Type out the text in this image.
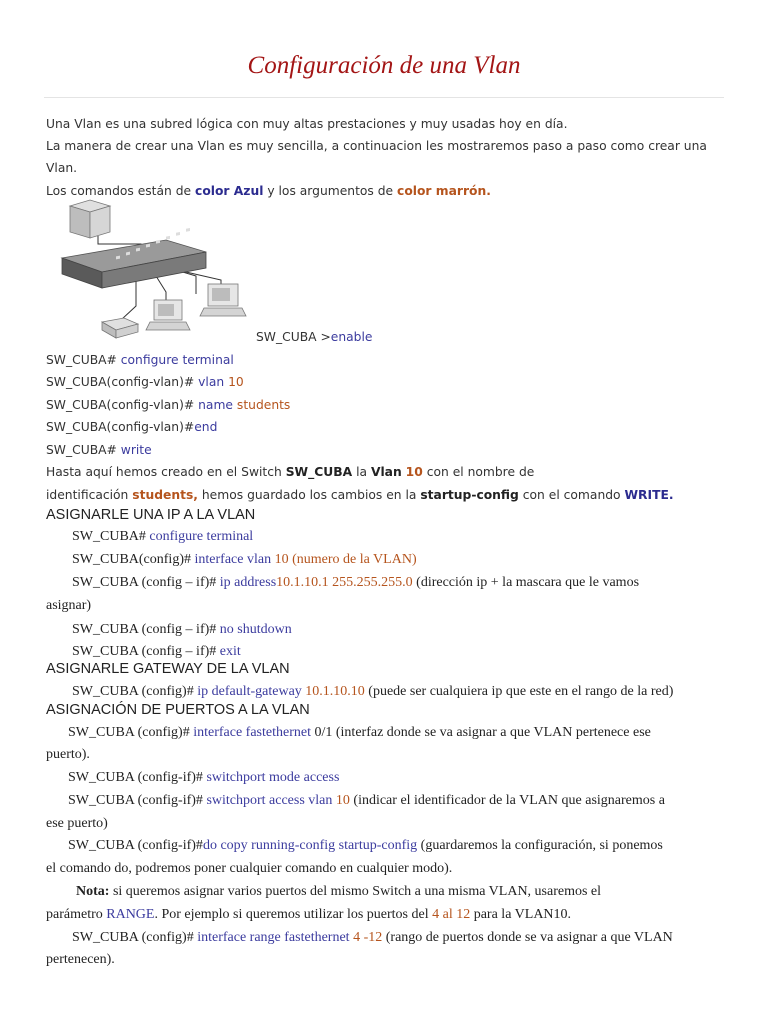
Configuración de una Vlan
Una Vlan es una subred lógica con muy altas prestaciones y muy usadas hoy en día.
La manera de crear una Vlan es muy sencilla, a continuacion les mostraremos paso a paso como crear una
Vlan.
Los comandos están de color Azul y los argumentos de color marrón.
SW_CUBA >enable
SW_CUBA# configure terminal
SW_CUBA(config-vlan)# vlan 10
SW_CUBA(config-vlan)# name students
SW_CUBA(config-vlan)#end
SW_CUBA# write
Hasta aquí hemos creado en el Switch SW_CUBA la Vlan 10 con el nombre de
identificación students, hemos guardado los cambios en la startup-config con el comando WRITE.
ASIGNARLE UNA IP A LA VLAN
SW_CUBA# configure terminal
SW_CUBA(config)# interface vlan 10 (numero de la VLAN)
SW_CUBA (config – if)# ip address10.1.10.1 255.255.255.0 (dirección ip + la mascara que le vamos
asignar)
SW_CUBA (config – if)# no shutdown
SW_CUBA (config – if)# exit
ASIGNARLE GATEWAY DE LA VLAN
SW_CUBA (config)# ip default-gateway 10.1.10.10 (puede ser cualquiera ip que este en el rango de la red)
ASIGNACIÓN DE PUERTOS A LA VLAN
SW_CUBA (config)# interface fastethernet 0/1 (interfaz donde se va asignar a que VLAN pertenece ese
puerto).
SW_CUBA (config-if)# switchport mode access
SW_CUBA (config-if)# switchport access vlan 10 (indicar el identificador de la VLAN que asignaremos a
ese puerto)
SW_CUBA (config-if)#do copy running-config startup-config (guardaremos la configuración, si ponemos
el comando do, podremos poner cualquier comando en cualquier modo).
Nota: si queremos asignar varios puertos del mismo Switch a una misma VLAN, usaremos el
parámetro RANGE. Por ejemplo si queremos utilizar los puertos del 4 al 12 para la VLAN10.
SW_CUBA (config)# interface range fastethernet 4 -12 (rango de puertos donde se va asignar a que VLAN
pertenecen).
